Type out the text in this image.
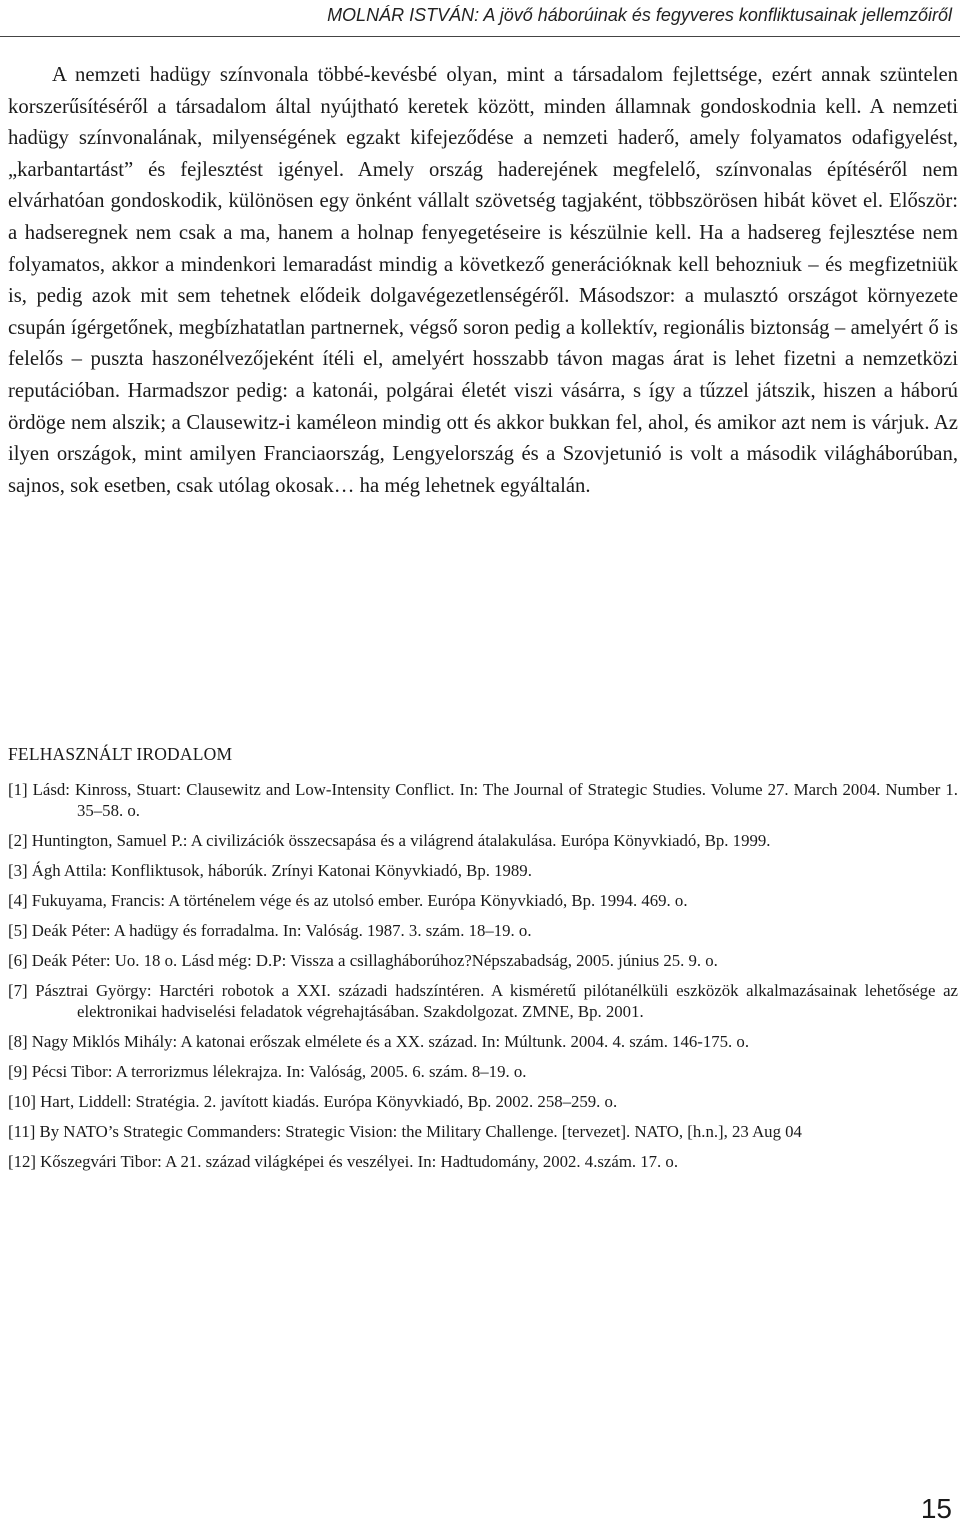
MOLNÁR ISTVÁN: A jövő háborúinak és fegyveres konfliktusainak jellemzőiről

A nemzeti hadügy színvonala többé-kevésbé olyan, mint a társadalom fejlettsége, ezért annak szüntelen korszerűsítéséről a társadalom által nyújtható keretek között, minden államnak gondoskodnia kell. A nemzeti hadügy színvonalának, milyenségének egzakt kifejeződése a nemzeti haderő, amely folyamatos odafigyelést, „karbantartást” és fejlesztést igényel. Amely ország haderejének megfelelő, színvonalas építéséről nem elvárhatóan gondoskodik, különösen egy önként vállalt szövetség tagjaként, többszörösen hibát követ el. Először: a hadseregnek nem csak a ma, hanem a holnap fenyegetéseire is készülnie kell. Ha a hadsereg fejlesztése nem folyamatos, akkor a mindenkori lemaradást mindig a következő generációknak kell behozniuk – és megfizetniük is, pedig azok mit sem tehetnek elődeik dolgavégezetlenségéről. Másodszor: a mulasztó országot környezete csupán ígérgetőnek, megbízhatatlan partnernek, végső soron pedig a kollektív, regionális biztonság – amelyért ő is felelős – puszta haszonélvezőjeként ítéli el, amelyért hosszabb távon magas árat is lehet fizetni a nemzetközi reputációban. Harmadszor pedig: a katonái, polgárai életét viszi vásárra, s így a tűzzel játszik, hiszen a háború ördöge nem alszik; a Clausewitz-i kaméleon mindig ott és akkor bukkan fel, ahol, és amikor azt nem is várjuk. Az ilyen országok, mint amilyen Franciaország, Lengyelország és a Szovjetunió is volt a második világháborúban, sajnos, sok esetben, csak utólag okosak… ha még lehetnek egyáltalán.

FELHASZNÁLT IRODALOM
[1] Lásd: Kinross, Stuart: Clausewitz and Low-Intensity Conflict. In: The Journal of Strategic Studies. Volume 27. March 2004. Number 1. 35–58. o.
[2] Huntington, Samuel P.: A civilizációk összecsapása és a világrend átalakulása. Európa Könyvkiadó, Bp. 1999.
[3] Ágh Attila: Konfliktusok, háborúk. Zrínyi Katonai Könyvkiadó, Bp. 1989.
[4] Fukuyama, Francis: A történelem vége és az utolsó ember. Európa Könyvkiadó, Bp. 1994. 469. o.
[5] Deák Péter: A hadügy és forradalma. In: Valóság. 1987. 3. szám. 18–19. o.
[6] Deák Péter: Uo. 18 o. Lásd még: D.P: Vissza a csillagháborúhoz?Népszabadság, 2005. június 25. 9. o.
[7] Pásztrai György: Harctéri robotok a XXI. századi hadszíntéren. A kisméretű pilótanélküli eszközök alkalmazásainak lehetősége az elektronikai hadviselési feladatok végrehajtásában. Szakdolgozat. ZMNE, Bp. 2001.
[8] Nagy Miklós Mihály: A katonai erőszak elmélete és a XX. század. In: Múltunk. 2004. 4. szám. 146-175. o.
[9] Pécsi Tibor: A terrorizmus lélekrajza. In: Valóság, 2005. 6. szám. 8–19. o.
[10] Hart, Liddell: Stratégia. 2. javított kiadás. Európa Könyvkiadó, Bp. 2002. 258–259. o.
[11] By NATO’s Strategic Commanders: Strategic Vision: the Military Challenge. [tervezet]. NATO, [h.n.], 23 Aug 04
[12] Kőszegvári Tibor: A 21. század világképei és veszélyei. In: Hadtudomány, 2002. 4.szám. 17. o.
15
